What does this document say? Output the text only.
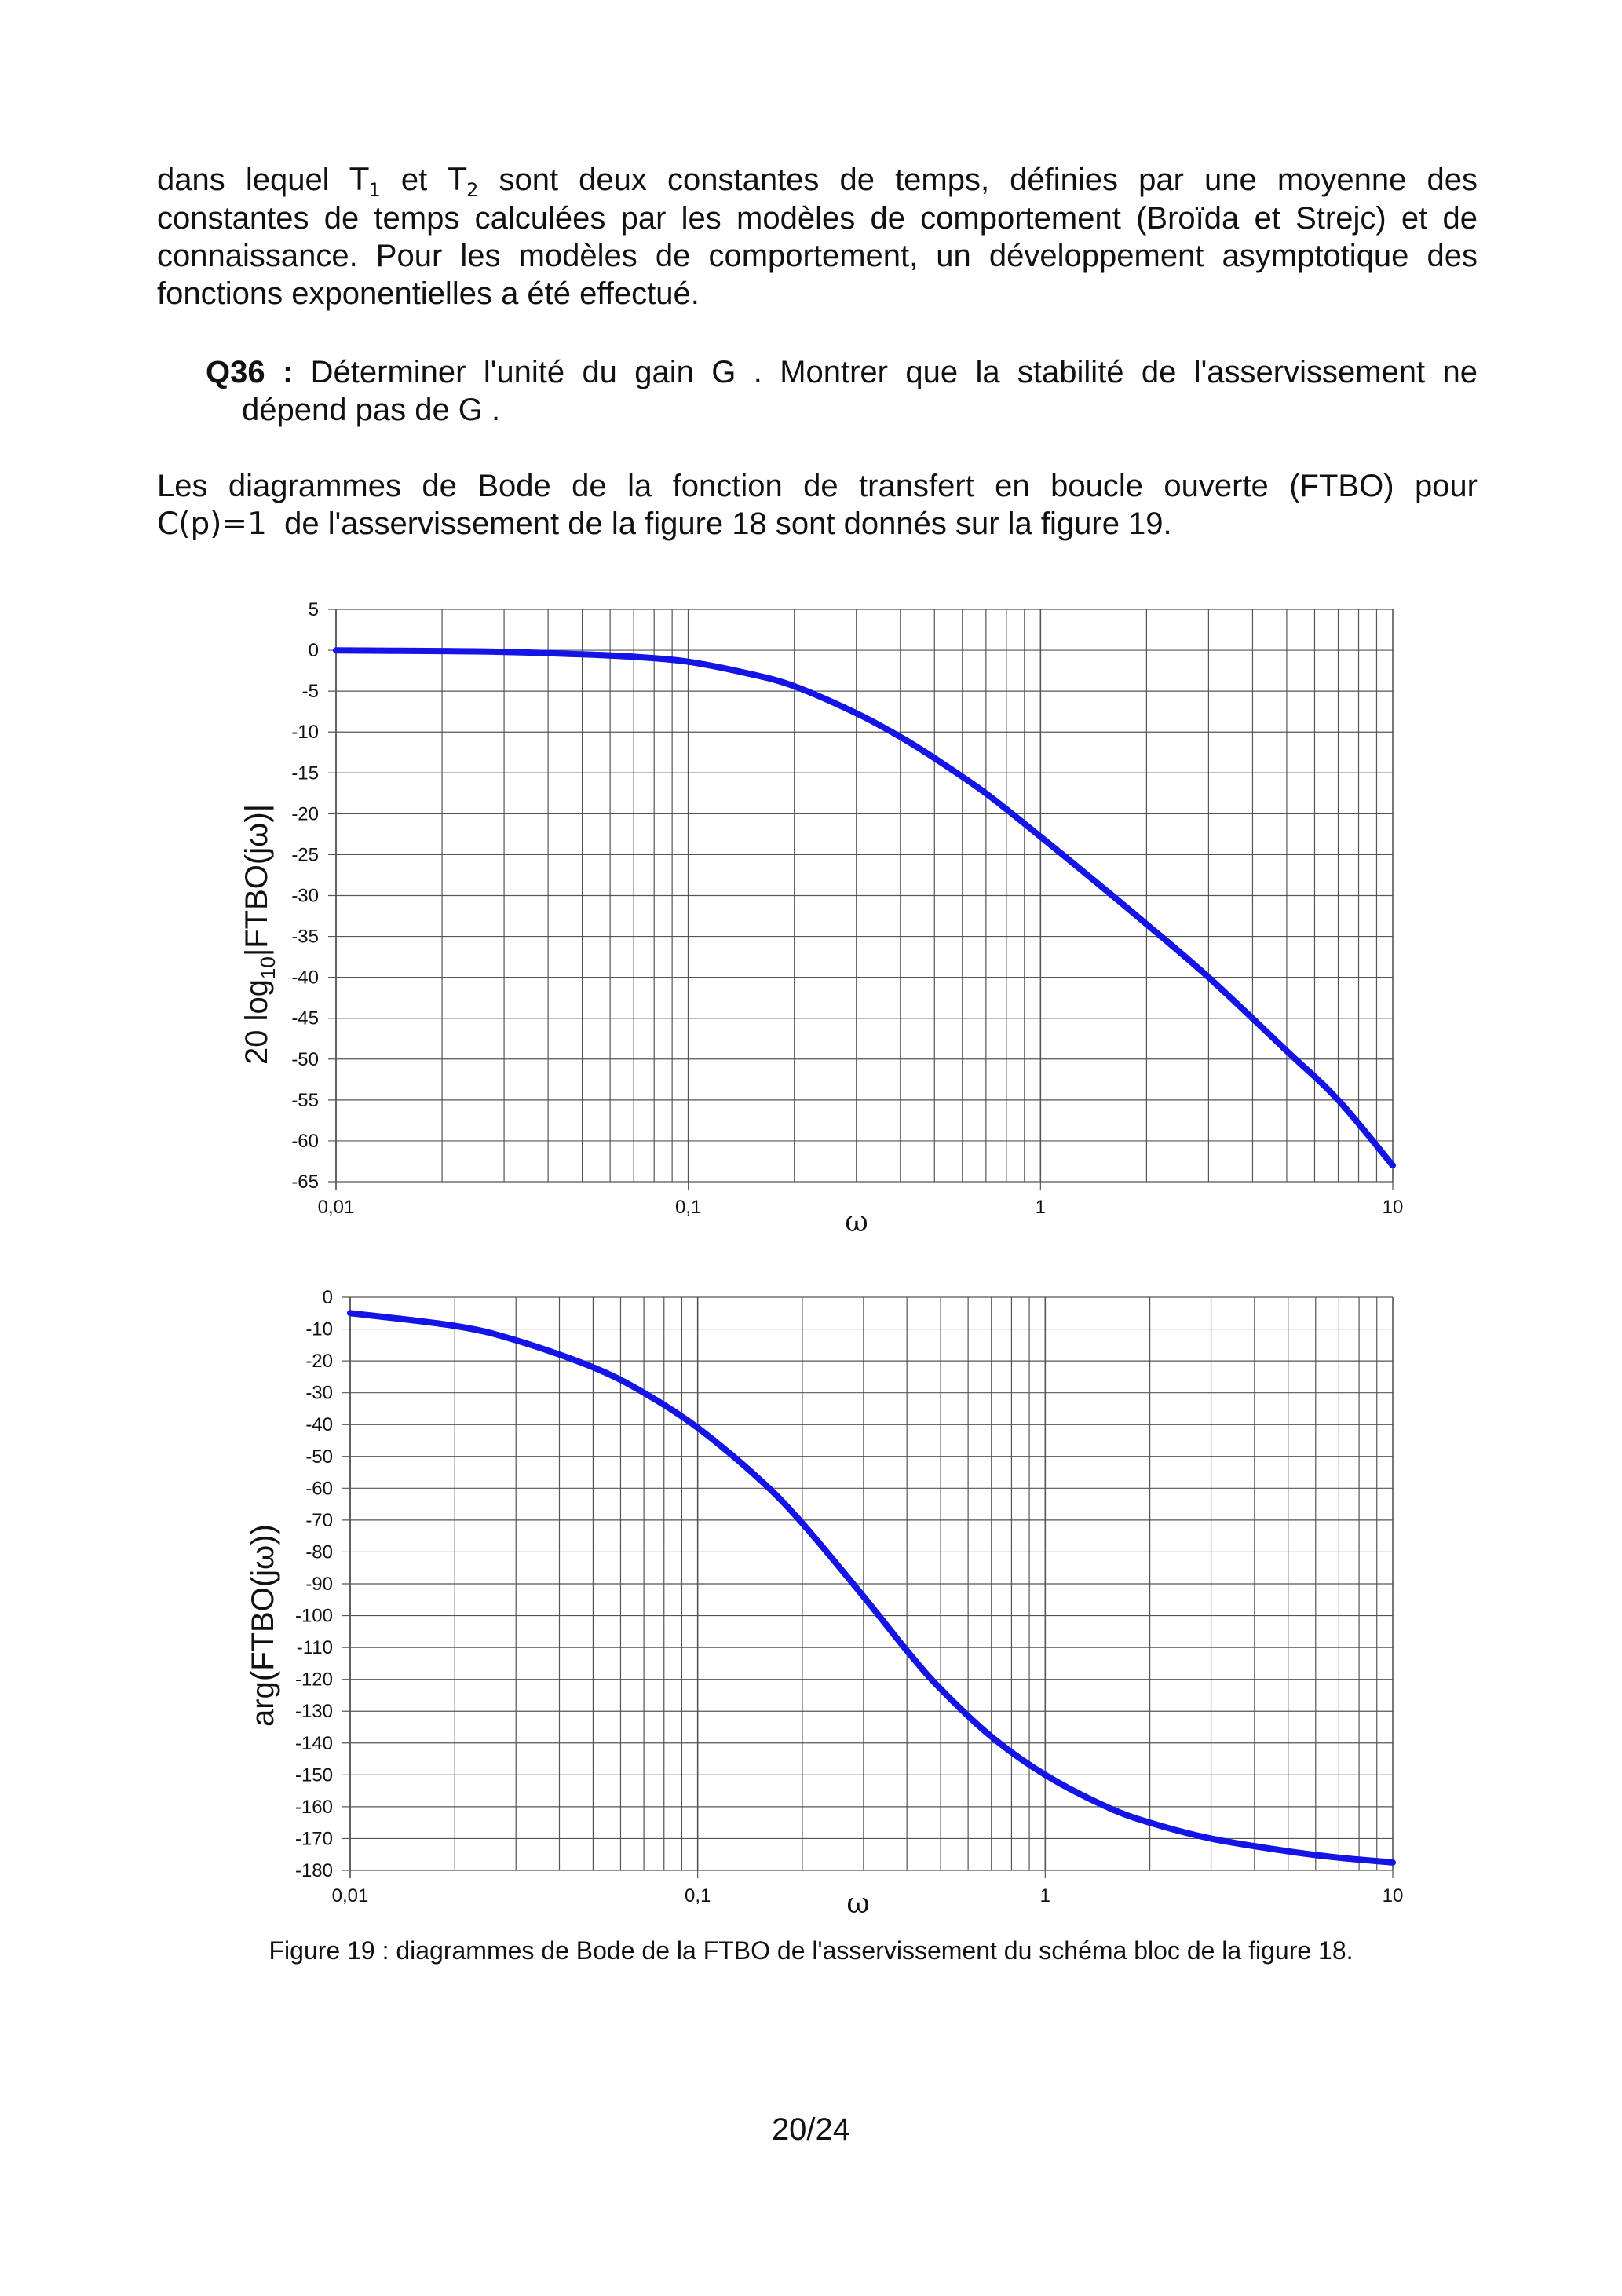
dans lequel $T_1$ et $T_2$ sont deux constantes de temps, définies par une moyenne des
constantes de temps calculées par les modèles de comportement (Broïda et Strejc) et de
connaissance. Pour les modèles de comportement, un développement asymptotique des
fonctions exponentielles a été effectué.
Q36 : Déterminer l'unité du gain G . Montrer que la stabilité de l'asservissement ne
dépend pas de G .
Les diagrammes de Bode de la fonction de transfert en boucle ouverte (FTBO) pour
C(p)=1 de l'asservissement de la figure 18 sont donnés sur la figure 19.
5
0
-5
-10
-15
-20
-25
-30
-35
-40
-45
-50
-55
-60
-65
0,01	0,1	1	10
20 $\log_{10}|FTBO(j\omega)|$
ω
0
-10
-20
-30
-40
-50
-60
-70
-80
-90
-100
-110
-120
-130
-140
-150
-160
-170
-180
0,01	0,1	1	10
arg(FTBO(jω))
ω
Figure 19 : diagrammes de Bode de la FTBO de l'asservissement du schéma bloc de la figure 18.
20/24
